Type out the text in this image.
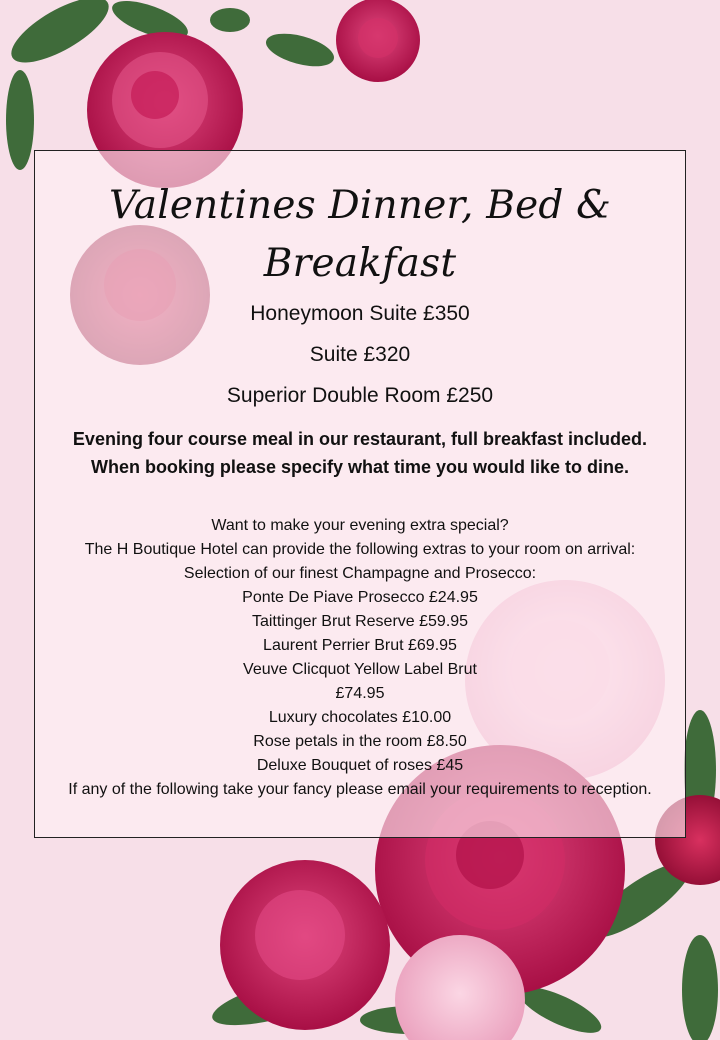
Valentines Dinner, Bed & Breakfast
Honeymoon Suite £350
Suite £320
Superior Double Room £250
Evening four course meal in our restaurant, full breakfast included.
When booking please specify what time you would like to dine.
Want to make your evening extra special?
The H Boutique Hotel can provide the following extras to your room on arrival:
Selection of our finest Champagne and Prosecco:
Ponte De Piave Prosecco £24.95
Taittinger Brut Reserve £59.95
Laurent Perrier Brut £69.95
Veuve Clicquot Yellow Label Brut
£74.95
Luxury chocolates £10.00
Rose petals in the room £8.50
Deluxe Bouquet of roses £45
If any of the following take your fancy please email your requirements to reception.
